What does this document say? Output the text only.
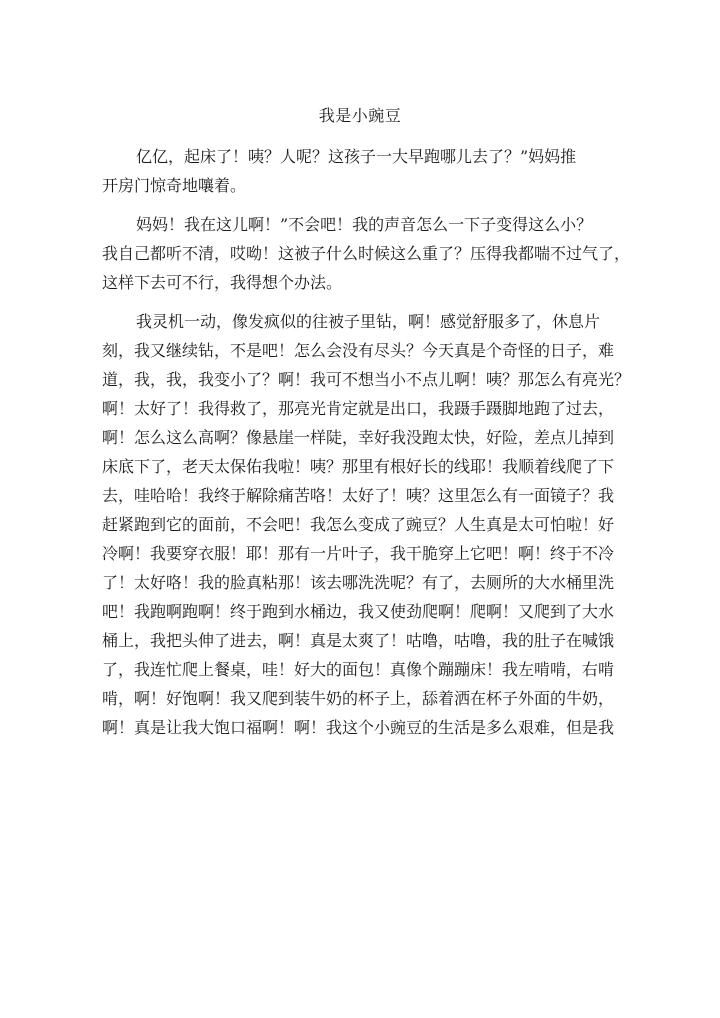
我是小豌豆
亿亿，起床了！咦？人呢？这孩子一大早跑哪儿去了？”妈妈推
开房门惊奇地嚷着。
妈妈！我在这儿啊！”不会吧！我的声音怎么一下子变得这么小？
我自己都听不清，哎呦！这被子什么时候这么重了？压得我都喘不过气了，
这样下去可不行，我得想个办法。
我灵机一动，像发疯似的往被子里钻，啊！感觉舒服多了，休息片
刻，我又继续钻，不是吧！怎么会没有尽头？今天真是个奇怪的日子，难
道，我，我，我变小了？啊！我可不想当小不点儿啊！咦？那怎么有亮光？
啊！太好了！我得救了，那亮光肯定就是出口，我蹑手蹑脚地跑了过去，
啊！怎么这么高啊？像悬崖一样陡，幸好我没跑太快，好险，差点儿掉到
床底下了，老天太保佑我啦！咦？那里有根好长的线耶！我顺着线爬了下
去，哇哈哈！我终于解除痛苦咯！太好了！咦？这里怎么有一面镜子？我
赶紧跑到它的面前，不会吧！我怎么变成了豌豆？人生真是太可怕啦！好
冷啊！我要穿衣服！耶！那有一片叶子，我干脆穿上它吧！啊！终于不冷
了！太好咯！我的脸真粘那！该去哪洗洗呢？有了，去厕所的大水桶里洗
吧！我跑啊跑啊！终于跑到水桶边，我又使劲爬啊！爬啊！又爬到了大水
桶上，我把头伸了进去，啊！真是太爽了！咕噜，咕噜，我的肚子在喊饿
了，我连忙爬上餐桌，哇！好大的面包！真像个蹦蹦床！我左啃啃，右啃
啃，啊！好饱啊！我又爬到装牛奶的杯子上，舔着洒在杯子外面的牛奶，
啊！真是让我大饱口福啊！啊！我这个小豌豆的生活是多么艰难，但是我
